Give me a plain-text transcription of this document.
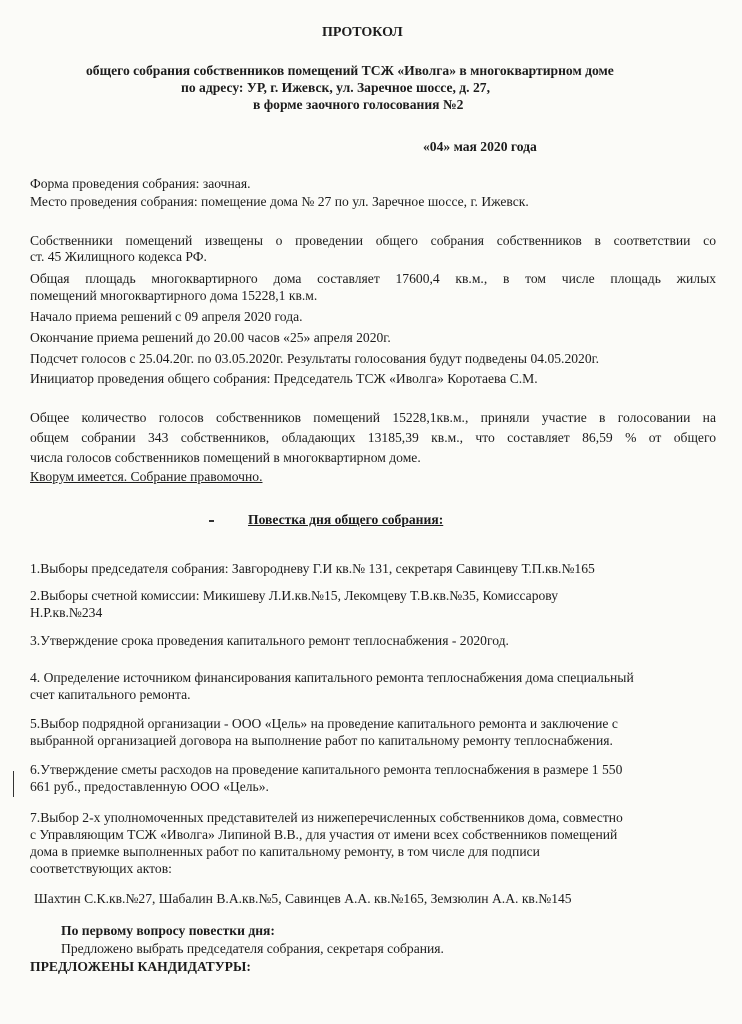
ПРОТОКОЛ
общего собрания собственников помещений ТСЖ «Иволга» в многоквартирном доме
по адресу: УР, г. Ижевск, ул. Заречное шоссе, д. 27,
в форме заочного голосования №2
«04» мая 2020 года
Форма проведения собрания: заочная.
Место проведения собрания: помещение дома № 27 по ул. Заречное шоссе, г. Ижевск.
Собственники помещений извещены о проведении общего собрания собственников в соответствии со
ст. 45 Жилищного кодекса РФ.
Общая площадь многоквартирного дома составляет 17600,4 кв.м., в том числе площадь жилых
помещений многоквартирного дома 15228,1 кв.м.
Начало приема решений с 09 апреля 2020 года.
Окончание приема решений до 20.00 часов «25» апреля 2020г.
Подсчет голосов с 25.04.20г. по 03.05.2020г. Результаты голосования будут подведены 04.05.2020г.
Инициатор проведения общего собрания: Председатель ТСЖ «Иволга» Коротаева С.М.
Общее количество голосов собственников помещений 15228,1кв.м., приняли участие в голосовании на
общем собрании 343 собственников, обладающих 13185,39 кв.м., что составляет 86,59 % от общего
числа голосов собственников помещений в многоквартирном доме.
Кворум имеется. Собрание правомочно.
Повестка дня общего собрания:
1.Выборы председателя собрания: Завгородневу Г.И кв.№ 131, секретаря Савинцеву Т.П.кв.№165
2.Выборы счетной комиссии: Микишеву Л.И.кв.№15, Лекомцеву Т.В.кв.№35, Комиссарову
Н.Р.кв.№234
3.Утверждение срока проведения капитального ремонт теплоснабжения - 2020год.
4. Определение источником финансирования капитального ремонта теплоснабжения дома специальный
счет капитального ремонта.
5.Выбор подрядной организации - ООО «Цель» на проведение капитального ремонта и заключение с
выбранной организацией договора на выполнение работ по капитальному ремонту теплоснабжения.
6.Утверждение сметы расходов на проведение капитального ремонта теплоснабжения в размере 1 550
661 руб., предоставленную ООО «Цель».
7.Выбор 2-х уполномоченных представителей из нижеперечисленных собственников дома, совместно
с Управляющим ТСЖ «Иволга» Липиной В.В., для участия от имени всех собственников помещений
дома в приемке выполненных работ по капитальному ремонту, в том числе для подписи
соответствующих актов:
Шахтин С.К.кв.№27, Шабалин В.А.кв.№5, Савинцев А.А. кв.№165, Земзюлин А.А. кв.№145
По первому вопросу повестки дня:
Предложено выбрать председателя собрания, секретаря собрания.
ПРЕДЛОЖЕНЫ КАНДИДАТУРЫ:
